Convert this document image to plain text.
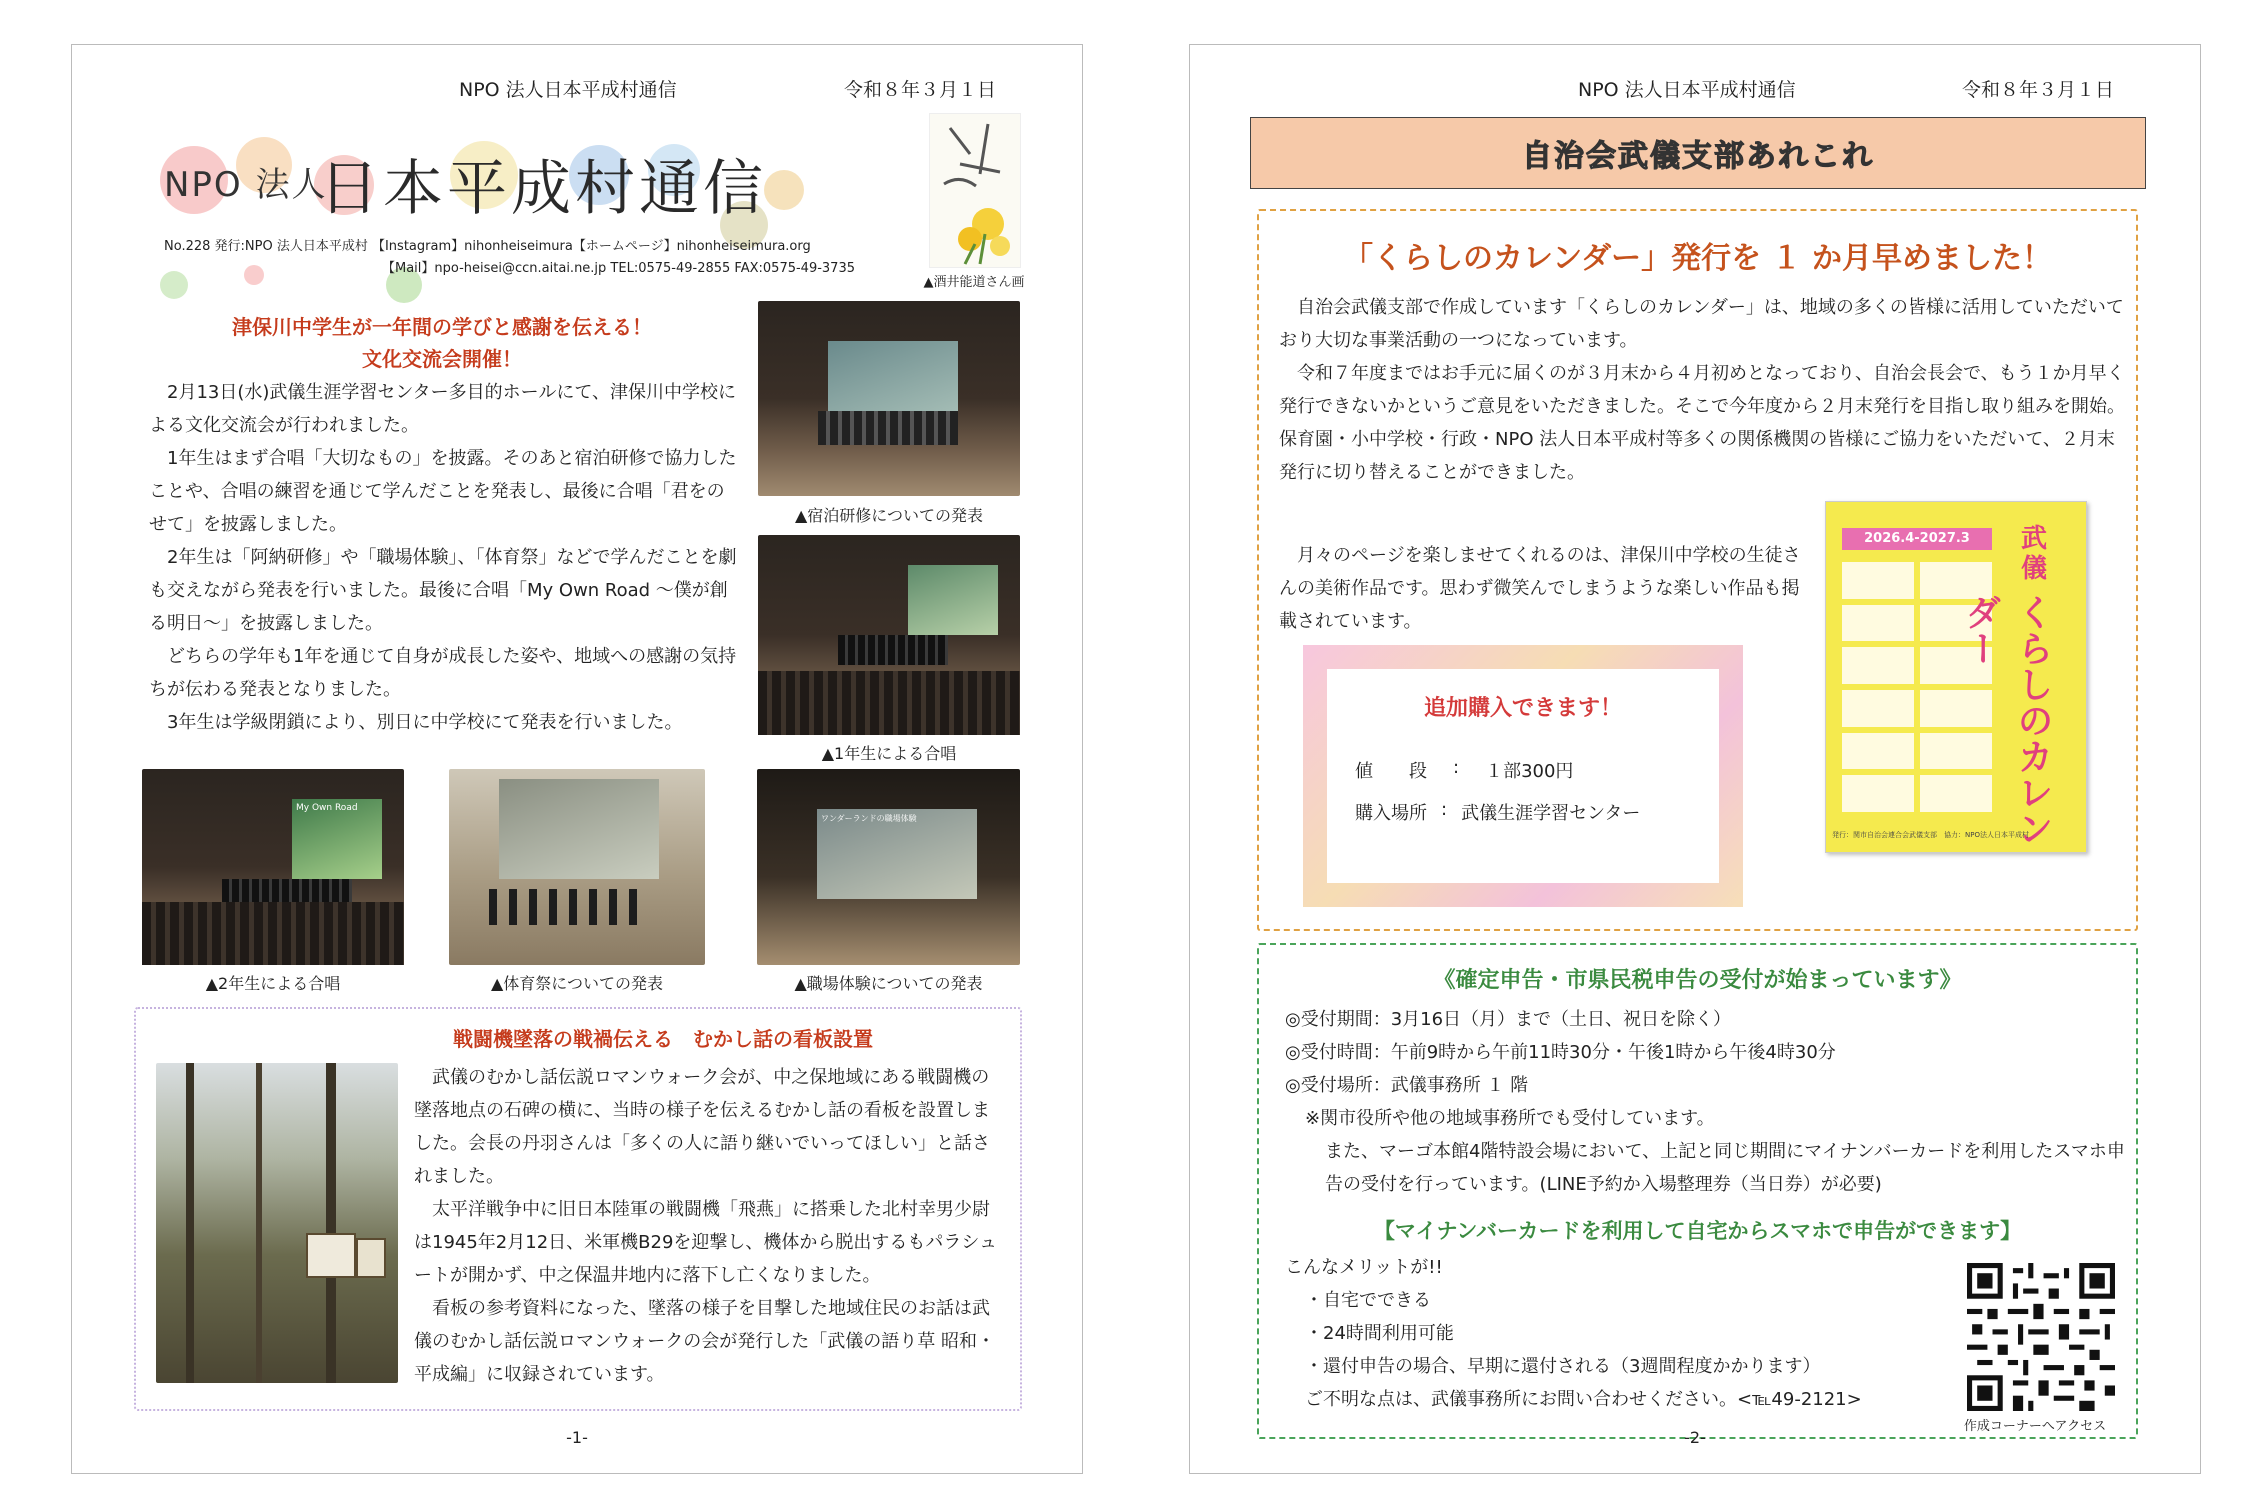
NPO 法人日本平成村通信	令和８年３月１日
NPO 法人
日本平成村通信
No.228 発行:NPO 法人日本平成村 【Instagram】nihonheiseimura【ホームページ】nihonheiseimura.org
【Mail】npo-heisei@ccn.aitai.ne.jp TEL:0575-49-2855 FAX:0575-49-3735
▲酒井能道さん画
津保川中学生が一年間の学びと感謝を伝える！
文化交流会開催！

2月13日(水)武儀生涯学習センター多目的ホールにて、津保川中学校による文化交流会が行われました。

1年生はまず合唱「大切なもの」を披露。そのあと宿泊研修で協力したことや、合唱の練習を通じて学んだことを発表し、最後に合唱「君をのせて」を披露しました。

2年生は「阿納研修」や「職場体験」、「体育祭」などで学んだことを劇も交えながら発表を行いました。最後に合唱「My Own Road ～僕が創る明日～」を披露しました。

どちらの学年も1年を通じて自身が成長した姿や、地域への感謝の気持ちが伝わる発表となりました。

3年生は学級閉鎖により、別日に中学校にて発表を行いました。

▲宿泊研修についての発表
▲1年生による合唱
My Own Road
▲2年生による合唱	▲体育祭についての発表
ワンダーランドの職場体験
▲職場体験についての発表
戦闘機墜落の戦禍伝える　むかし話の看板設置

武儀のむかし話伝説ロマンウォーク会が、中之保地域にある戦闘機の墜落地点の石碑の横に、当時の様子を伝えるむかし話の看板を設置しました。会長の丹羽さんは「多くの人に語り継いでいってほしい」と話されました。

太平洋戦争中に旧日本陸軍の戦闘機「飛燕」に搭乗した北村幸男少尉は1945年2月12日、米軍機B29を迎撃し、機体から脱出するもパラシュートが開かず、中之保温井地内に落下し亡くなりました。

看板の参考資料になった、墜落の様子を目撃した地域住民のお話は武儀のむかし話伝説ロマンウォークの会が発行した「武儀の語り草 昭和・平成編」に収録されています。

-1-
NPO 法人日本平成村通信	令和８年３月１日
自治会武儀支部あれこれ
「くらしのカレンダー」発行を １ か月早めました！

自治会武儀支部で作成しています「くらしのカレンダー」は、地域の多くの皆様に活用していただいており大切な事業活動の一つになっています。

令和７年度まではお手元に届くのが３月末から４月初めとなっており、自治会長会で、もう１か月早く発行できないかというご意見をいただきました。そこで今年度から２月末発行を目指し取り組みを開始。保育園・小中学校・行政・NPO 法人日本平成村等多くの関係機関の皆様にご協力をいただいて、２月末発行に切り替えることができました。

月々のページを楽しませてくれるのは、津保川中学校の生徒さんの美術作品です。思わず微笑んでしまうような楽しい作品も掲載されています。

追加購入できます！
値　　段 : １部300円
購入場所 : 武儀生涯学習センター
2026.4-2027.3	武儀
くらしのカレンダー
発行：関市自治会連合会武儀支部　協力：NPO法人日本平成村
《確定申告・市県民税申告の受付が始まっています》
◎受付期間：3月16日（月）まで（土日、祝日を除く）
◎受付時間：午前9時から午前11時30分・午後1時から午後4時30分
◎受付場所：武儀事務所 １ 階
※関市役所や他の地域事務所でも受付しています。
また、マーゴ本館4階特設会場において、上記と同じ期間にマイナンバーカードを利用したスマホ申告の受付を行っています。(LINE予約か入場整理券（当日券）が必要)
【マイナンバーカードを利用して自宅からスマホで申告ができます】
こんなメリットが!!
・自宅でできる
・24時間利用可能
・還付申告の場合、早期に還付される（3週間程度かかります）
ご不明な点は、武儀事務所にお問い合わせください。<℡49-2121>
作成コーナーへアクセス
-2-
